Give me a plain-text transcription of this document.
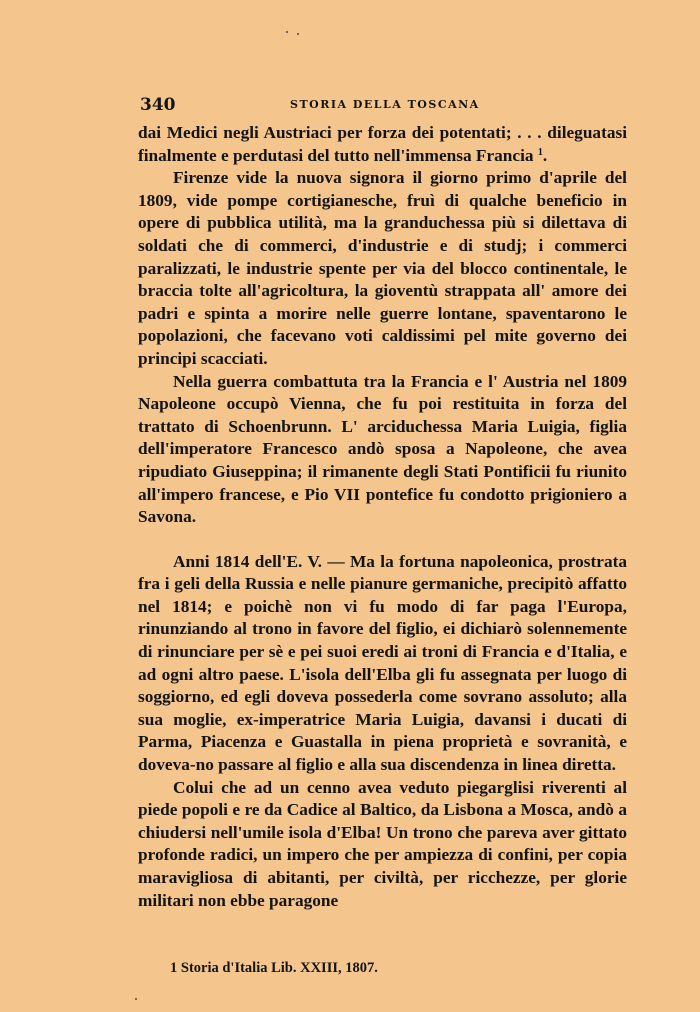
340	STORIA DELLA TOSCANA

dai Medici negli Austriaci per forza dei potentati; . . . dileguatasi finalmente e perdutasi del tutto nell'immensa Francia $^1$.

Firenze vide la nuova signora il giorno primo d'aprile del 1809, vide pompe cortigianesche, fruì di qualche beneficio in opere di pubblica utilità, ma la granduchessa più si dilettava di soldati che di commerci, d'industrie e di studj; i commerci paralizzati, le industrie spente per via del blocco continentale, le braccia tolte all'agricoltura, la gioventù strappata all' amore dei padri e spinta a morire nelle guerre lontane, spaventarono le popolazioni, che facevano voti caldissimi pel mite governo dei principi scacciati.

Nella guerra combattuta tra la Francia e l' Austria nel 1809 Napoleone occupò Vienna, che fu poi restituita in forza del trattato di Schoenbrunn. L' arciduchessa Maria Luigia, figlia dell'imperatore Francesco andò sposa a Napoleone, che avea ripudiato Giuseppina; il rimanente degli Stati Pontificii fu riunito all'impero francese, e Pio VII pontefice fu condotto prigioniero a Savona.

Anni 1814 dell'E. V. — Ma la fortuna napoleonica, prostrata fra i geli della Russia e nelle pianure germaniche, precipitò affatto nel 1814; e poichè non vi fu modo di far paga l'Europa, rinunziando al trono in favore del figlio, ei dichiarò solennemente di rinunciare per sè e pei suoi eredi ai troni di Francia e d'Italia, e ad ogni altro paese. L'isola dell'Elba gli fu assegnata per luogo di soggiorno, ed egli doveva possederla come sovrano assoluto; alla sua moglie, ex-imperatrice Maria Luigia, davansi i ducati di Parma, Piacenza e Guastalla in piena proprietà e sovranità, e doveva-no passare al figlio e alla sua discendenza in linea diretta.

Colui che ad un cenno avea veduto piegarglisi riverenti al piede popoli e re da Cadice al Baltico, da Lisbona a Mosca, andò a chiudersi nell'umile isola d'Elba! Un trono che pareva aver gittato profonde radici, un impero che per ampiezza di confini, per copia maravigliosa di abitanti, per civiltà, per ricchezze, per glorie militari non ebbe paragone

1 Storia d'Italia Lib. XXIII, 1807.
